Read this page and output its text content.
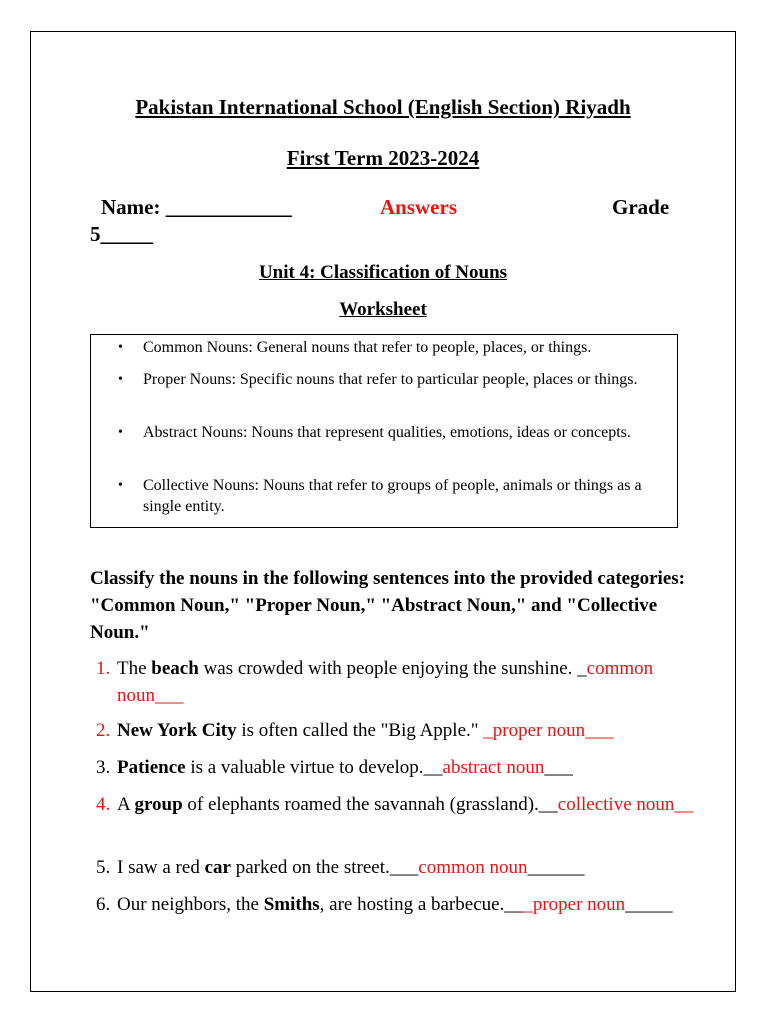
Pakistan International School (English Section) Riyadh
First Term 2023-2024
Name: ____________	Answers	Grade
5_____
Unit 4: Classification of Nouns
Worksheet
• Common Nouns: General nouns that refer to people, places, or things.
• Proper Nouns: Specific nouns that refer to particular people, places or things.
• Abstract Nouns: Nouns that represent qualities, emotions, ideas or concepts.
• Collective Nouns: Nouns that refer to groups of people, animals or things as a single entity.
Classify the nouns in the following sentences into the provided categories: "Common Noun," "Proper Noun," "Abstract Noun," and "Collective Noun."
1. The beach was crowded with people enjoying the sunshine. _common noun___
2. New York City is often called the "Big Apple." _proper noun___
3. Patience is a valuable virtue to develop.__abstract noun___
4. A group of elephants roamed the savannah (grassland).__collective noun__
5. I saw a red car parked on the street.___common noun______
6. Our neighbors, the Smiths, are hosting a barbecue.___proper noun_____
